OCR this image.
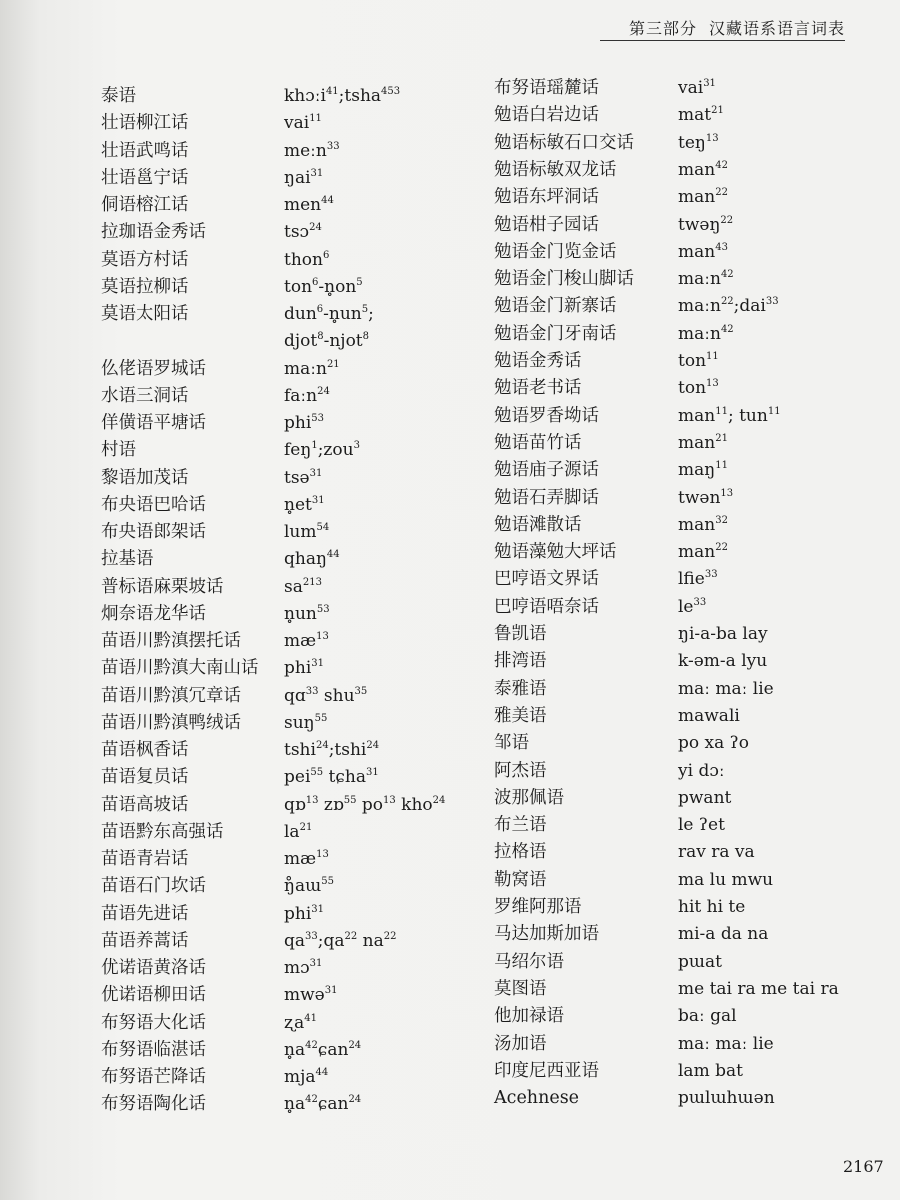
第三部分 汉藏语系语言词表
泰语	khɔːi$^{41}$;tsha$^{453}$
壮语柳江话	vai$^{11}$
壮语武鸣话	meːn$^{33}$
壮语邕宁话	ŋai$^{31}$
侗语榕江话	men$^{44}$
拉珈语金秀话	tsɔ$^{24}$
莫语方村话	thon$^6$
莫语拉柳话	$ton^6-n̥on^5$
莫语太阳话	$dun^6-n̥un^5$;
djot$^8$-njot$^8$
仫佬语罗城话	maːn$^{21}$
水语三洞话	faːn$^{24}$
佯僙语平塘话	phi$^{53}$
村语	feŋ$^1$;zou$^3$
黎语加茂话	tsə$^{31}$
布央语巴哈话	$n̥et^{31}$
布央语郎架话	lum$^{54}$
拉基语	qhaŋ$^{44}$
普标语麻栗坡话	$sa^{213}$
炯奈语龙华话	$n̥un^{53}$
苗语川黔滇摆托话	$mæ^{13}$
苗语川黔滇大南山话 phi$^{31}$
苗语川黔滇冗章话	qɑ$^{33}$ shu$^{35}$
苗语川黔滇鸭绒话	suŋ$^{55}$
苗语枫香话	tshi$^{24}$;tshi$^{24}$
苗语复员话	pei$^{55}$ tɕha$^{31}$
苗语高坡话	qɒ$^{13}$ zɒ$^{55}$ $po^{13}$ kho$^{24}$
苗语黔东高强话	$la^{21}$
苗语青岩话	$mæ^{13}$
苗语石门坎话	ŋ̊aɯ$^{55}$
苗语先进话	phi$^{31}$
苗语养蒿话	$qa^{33};qa^{22}$ $na^{22}$
优诺语黄洛话	mɔ$^{31}$
优诺语柳田话	mwə$^{31}$
布努语大化话	ʐa$^{41}$
布努语临湛话	$n̥a^{42}ɕan^{24}$
布努语芒降话	mja$^{44}$
布努语陶化话	$n̥a^{42}ɕan^{24}$
布努语瑶麓话	vai$^{31}$
勉语白岩边话	mat$^{21}$
勉语标敏石口交话	teŋ$^{13}$
勉语标敏双龙话	man$^{42}$
勉语东坪洞话	man$^{22}$
勉语柑子园话	twəŋ$^{22}$
勉语金门览金话	man$^{43}$
勉语金门梭山脚话	maːn$^{42}$
勉语金门新寨话	maːn$^{22}$;dai$^{33}$
勉语金门牙南话	maːn$^{42}$
勉语金秀话	ton$^{11}$
勉语老书话	ton$^{13}$
勉语罗香坳话	man$^{11}$; tun$^{11}$
勉语苗竹话	man$^{21}$
勉语庙子源话	maŋ$^{11}$
勉语石弄脚话	twən$^{13}$
勉语滩散话	man$^{32}$
勉语藻勉大坪话	man$^{22}$
巴哼语文界话	lfie$^{33}$
巴哼语唔奈话	$le^{33}$
鲁凯语	ŋi-a-ba lay
排湾语	k-əm-a lyu
泰雅语	maː maː lie
雅美语	mawali
邹语	po xa ʔo
阿杰语	yi dɔː
波那佩语	pwant
布兰语	le ʔet
拉格语	rav ra va
勒窝语	ma lu mwu
罗维阿那语	hit hi te
马达加斯加语	mi-a da na
马绍尔语	pɯat
莫图语	me tai ra me tai ra
他加禄语	baː gal
汤加语	maː maː lie
印度尼西亚语	lam bat
Acehnese	pɯlɯhɯən
2167
